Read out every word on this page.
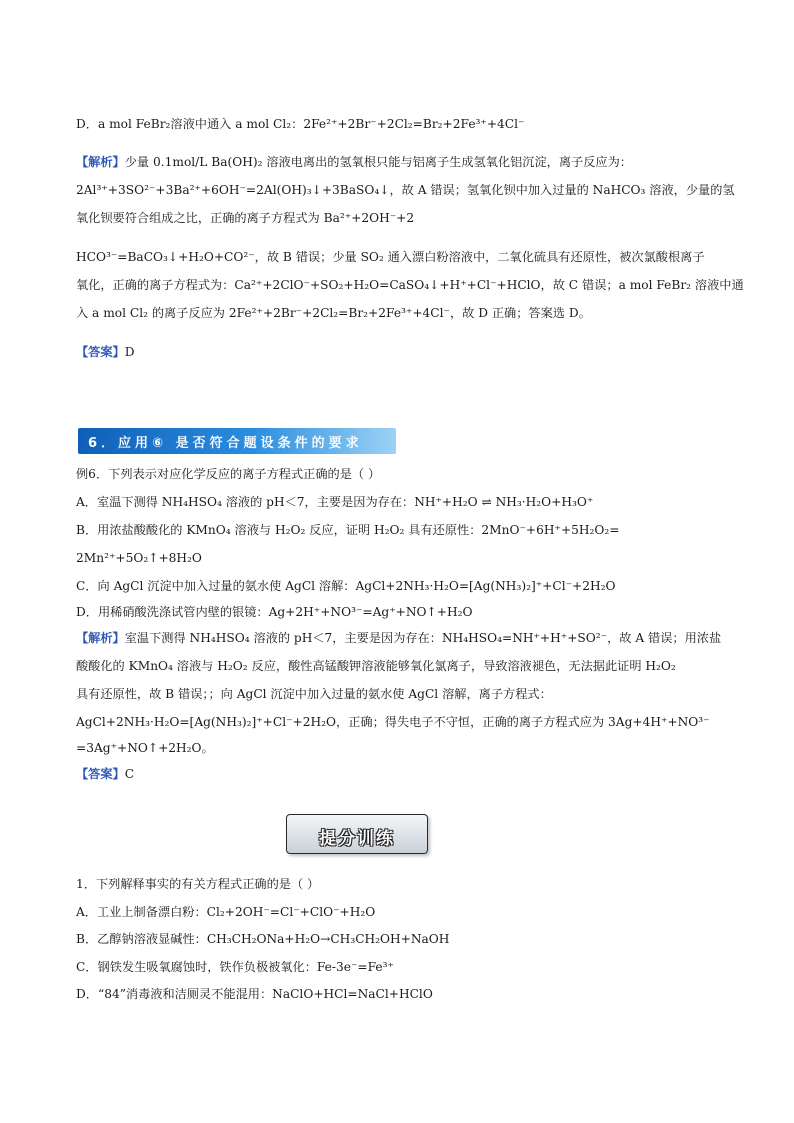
D．a mol FeBr₂溶液中通入 a mol Cl₂：2Fe²⁺+2Br⁻+2Cl₂=Br₂+2Fe³⁺+4Cl⁻
【解析】少量 0.1mol/L Ba(OH)₂ 溶液电离出的氢氧根只能与铝离子生成氢氧化铝沉淀，离子反应为：
2Al³⁺+3SO²⁻+3Ba²⁺+6OH⁻=2Al(OH)₃↓+3BaSO₄↓，故 A 错误；氢氧化钡中加入过量的 NaHCO₃ 溶液，少量的氢
氧化钡要符合组成之比，正确的离子方程式为 Ba²⁺+2OH⁻+2
HCO³⁻=BaCO₃↓+H₂O+CO²⁻，故 B 错误；少量 SO₂ 通入漂白粉溶液中，二氧化硫具有还原性，被次氯酸根离子
氧化，正确的离子方程式为：Ca²⁺+2ClO⁻+SO₂+H₂O=CaSO₄↓+H⁺+Cl⁻+HClO，故 C 错误；a mol FeBr₂ 溶液中通
入 a mol Cl₂ 的离子反应为 2Fe²⁺+2Br⁻+2Cl₂=Br₂+2Fe³⁺+4Cl⁻，故 D 正确；答案选 D。
【答案】D
6．应用⑥ 是否符合题设条件的要求
例6．下列表示对应化学反应的离子方程式正确的是（ ）
A．室温下测得 NH₄HSO₄ 溶液的 pH＜7，主要是因为存在：NH⁺+H₂O ⇌ NH₃·H₂O+H₃O⁺
B．用浓盐酸酸化的 KMnO₄ 溶液与 H₂O₂ 反应，证明 H₂O₂ 具有还原性：2MnO⁻+6H⁺+5H₂O₂=
2Mn²⁺+5O₂↑+8H₂O
C．向 AgCl 沉淀中加入过量的氨水使 AgCl 溶解：AgCl+2NH₃·H₂O=[Ag(NH₃)₂]⁺+Cl⁻+2H₂O
D．用稀硝酸洗涤试管内壁的银镜：Ag+2H⁺+NO³⁻=Ag⁺+NO↑+H₂O
【解析】室温下测得 NH₄HSO₄ 溶液的 pH＜7，主要是因为存在：NH₄HSO₄=NH⁺+H⁺+SO²⁻，故 A 错误；用浓盐
酸酸化的 KMnO₄ 溶液与 H₂O₂ 反应，酸性高锰酸钾溶液能够氧化氯离子，导致溶液褪色，无法据此证明 H₂O₂
具有还原性，故 B 错误；；向 AgCl 沉淀中加入过量的氨水使 AgCl 溶解，离子方程式：
AgCl+2NH₃·H₂O=[Ag(NH₃)₂]⁺+Cl⁻+2H₂O，正确；得失电子不守恒，正确的离子方程式应为 3Ag+4H⁺+NO³⁻
=3Ag⁺+NO↑+2H₂O。
【答案】C
提分训练
1．下列解释事实的有关方程式正确的是（ ）
A．工业上制备漂白粉：Cl₂+2OH⁻=Cl⁻+ClO⁻+H₂O
B．乙醇钠溶液显碱性：CH₃CH₂ONa+H₂O→CH₃CH₂OH+NaOH
C．钢铁发生吸氧腐蚀时，铁作负极被氧化：Fe-3e⁻=Fe³⁺
D．“84”消毒液和洁厕灵不能混用：NaClO+HCl=NaCl+HClO
